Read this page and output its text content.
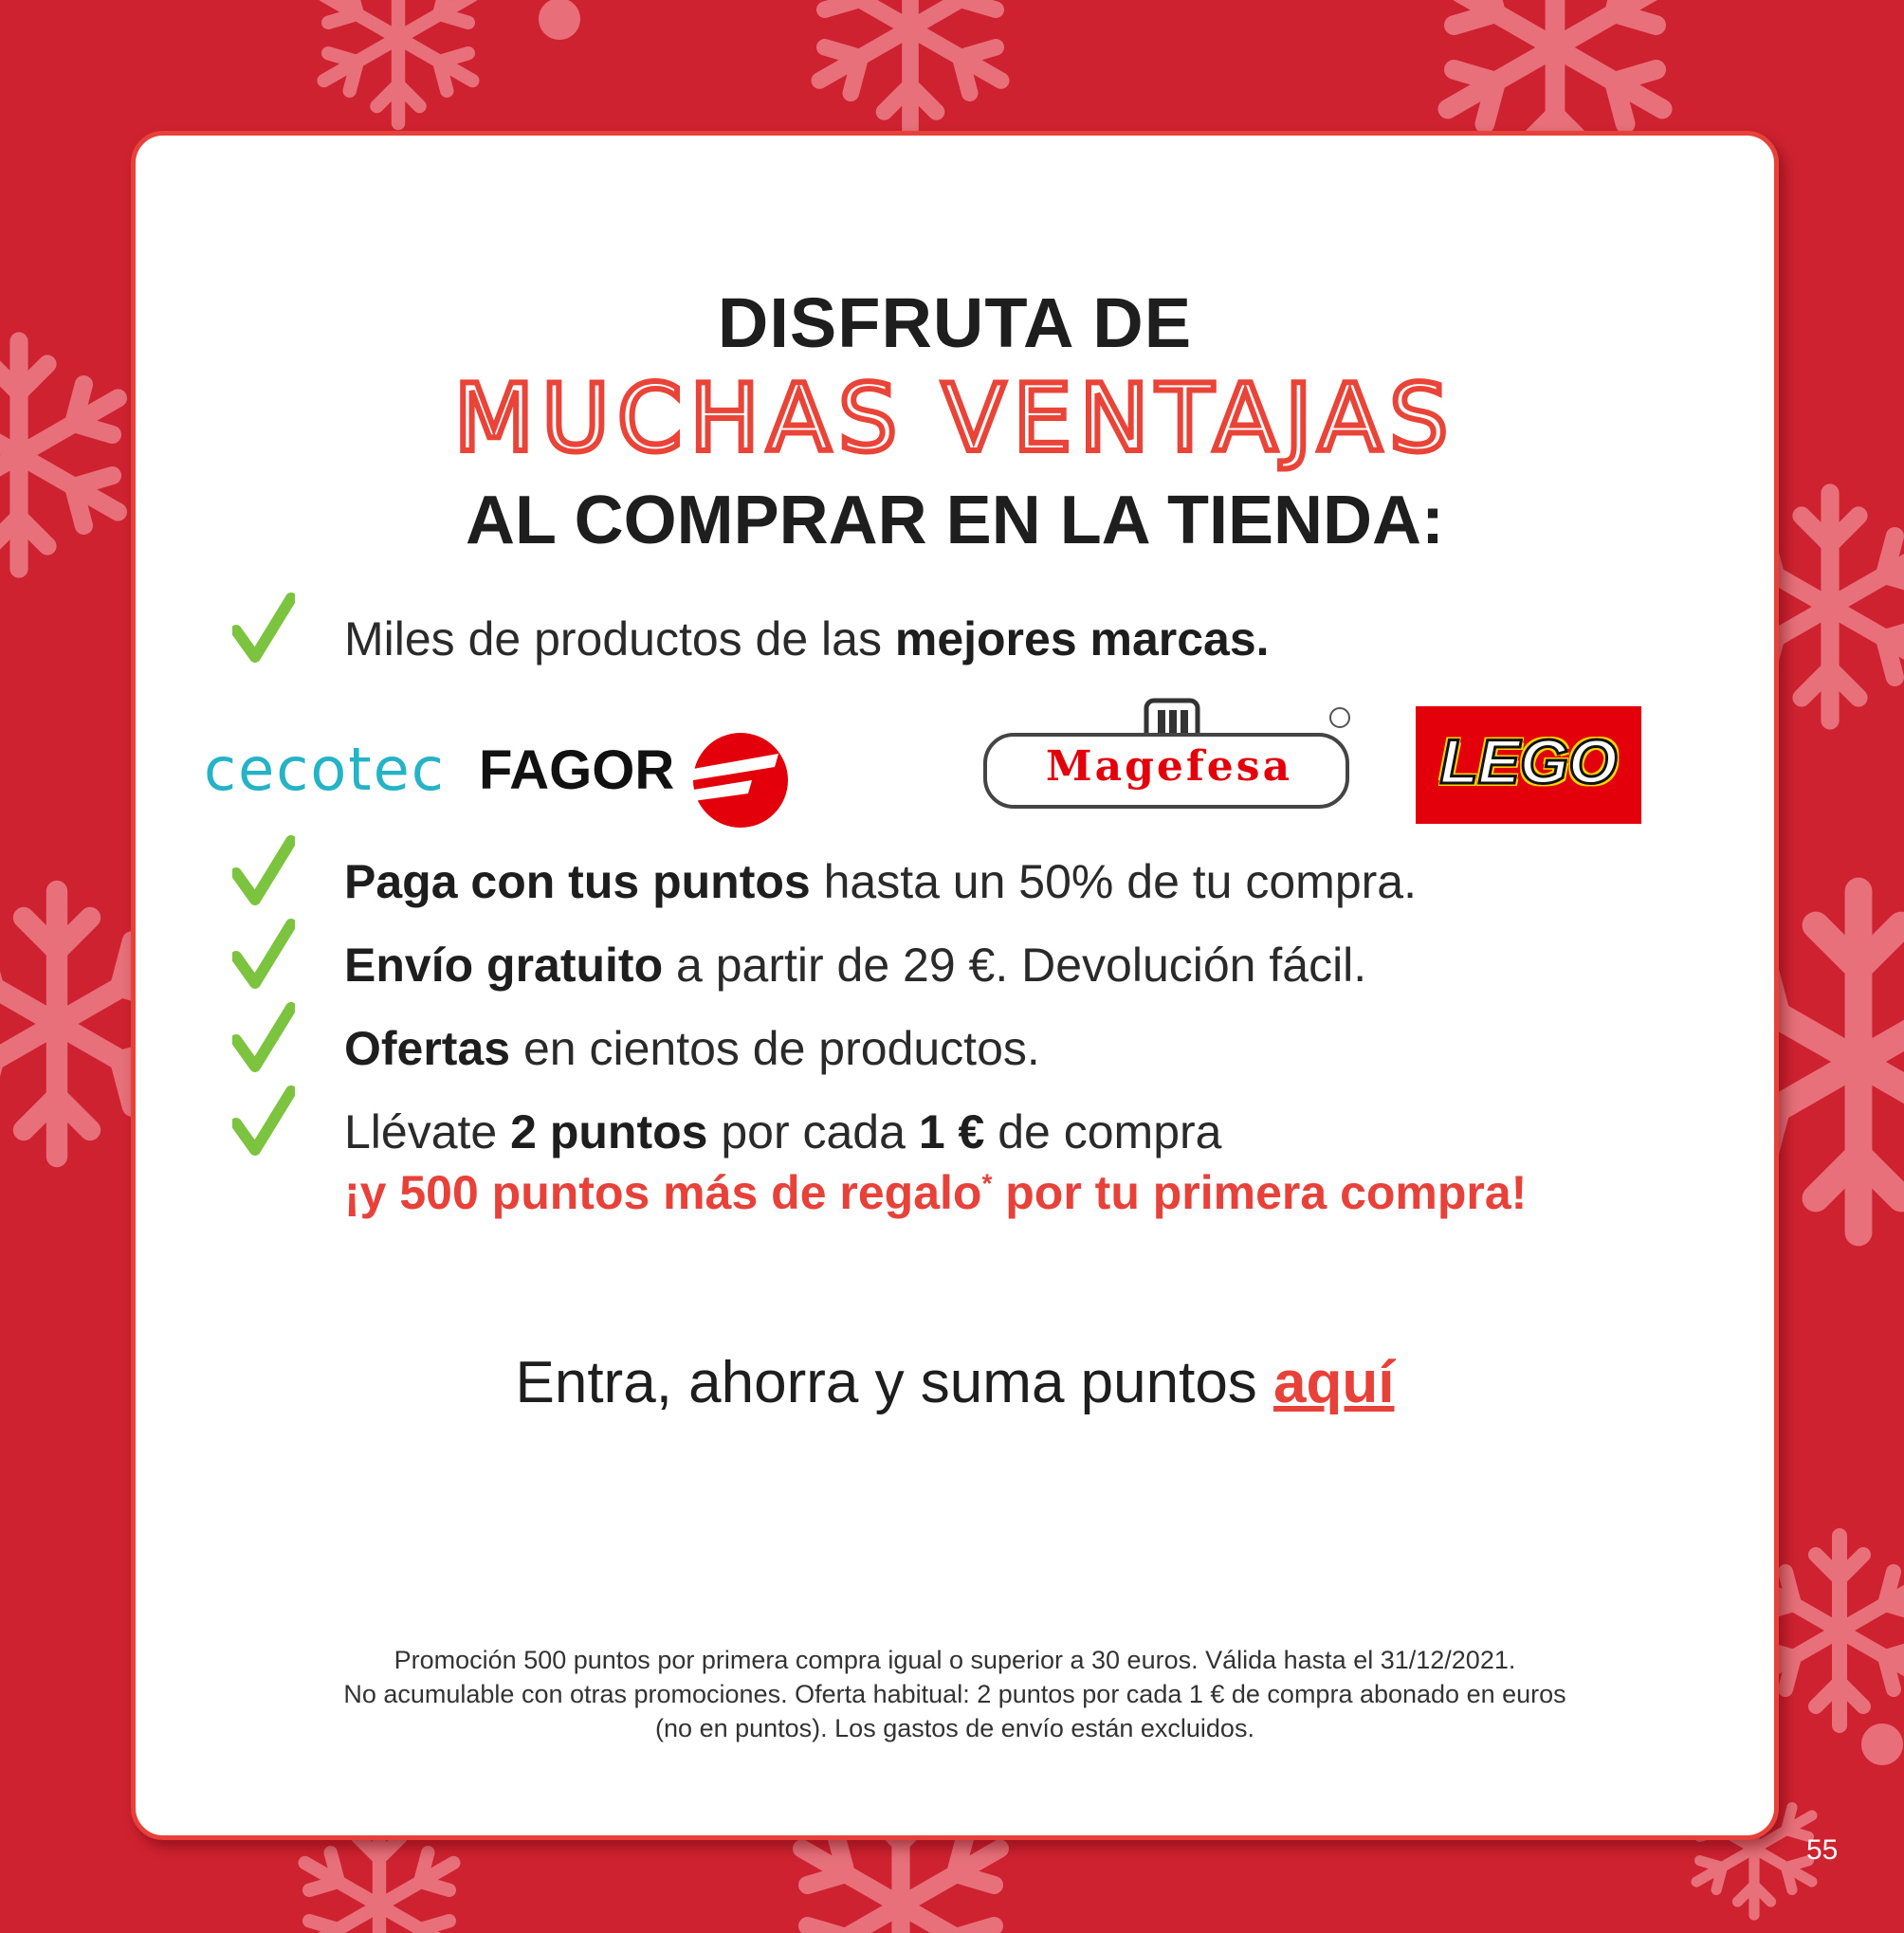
DISFRUTA DE
MUCHAS VENTAJAS
AL COMPRAR EN LA TIENDA:
Miles de productos de las mejores marcas.
cecotec FAGOR	Magefesa	LEGO
Paga con tus puntos hasta un 50% de tu compra.
Envío gratuito a partir de 29 €. Devolución fácil.
Ofertas en cientos de productos.
Llévate 2 puntos por cada 1 € de compra
¡y 500 puntos más de regalo* por tu primera compra!
Entra, ahorra y suma puntos aquí
Promoción 500 puntos por primera compra igual o superior a 30 euros. Válida hasta el 31/12/2021.
No acumulable con otras promociones. Oferta habitual: 2 puntos por cada 1 € de compra abonado en euros
(no en puntos). Los gastos de envío están excluidos.
55
